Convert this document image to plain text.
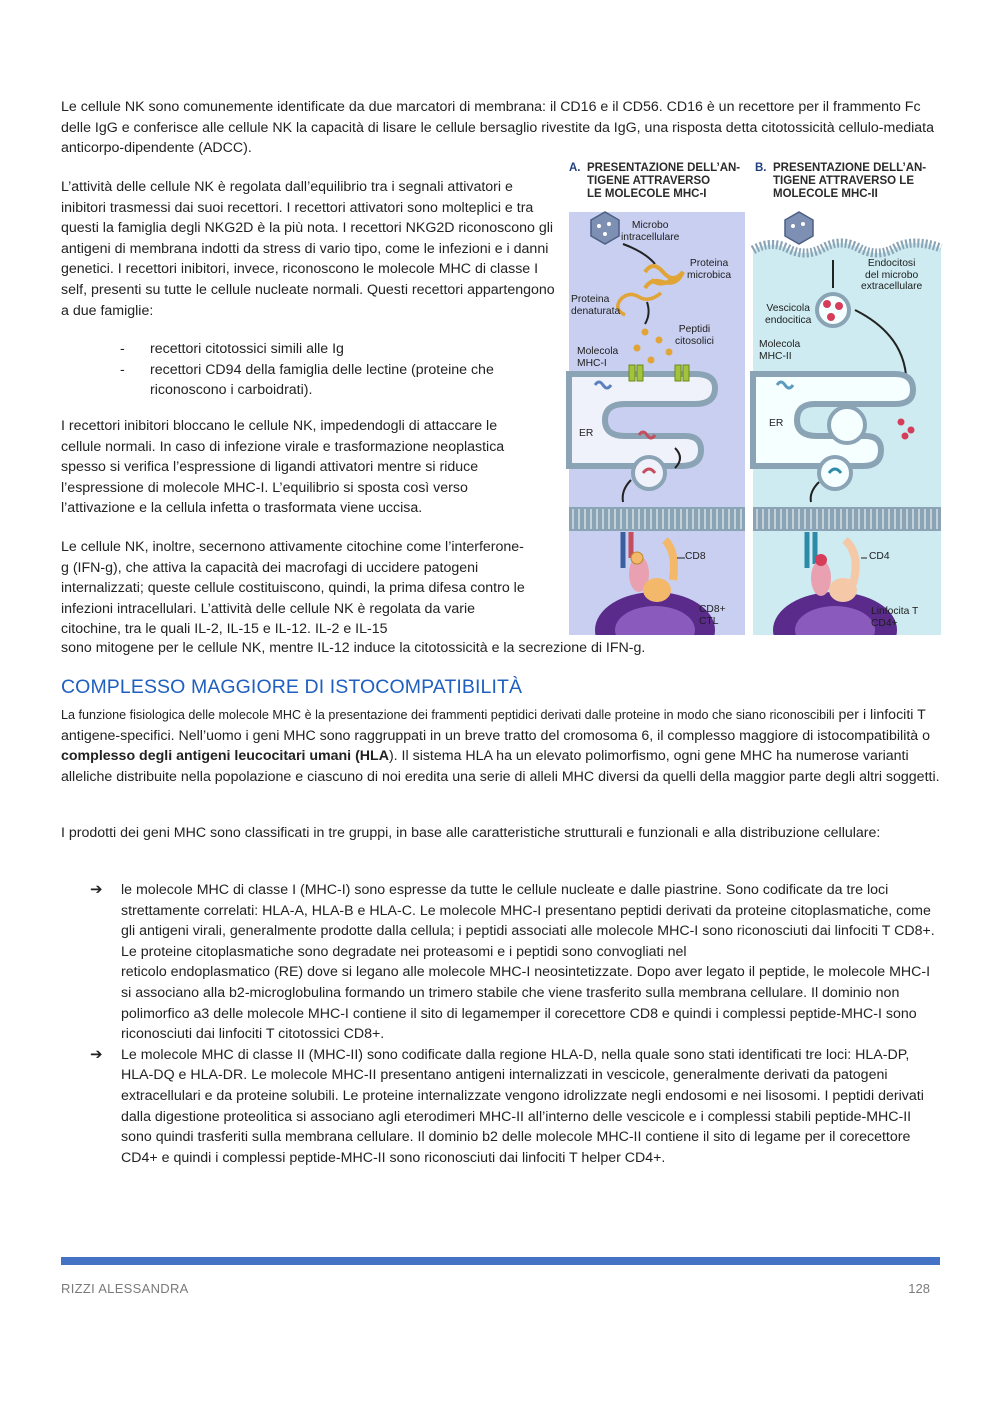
Le cellule NK sono comunemente identificate da due marcatori di membrana: il CD16 e il CD56. CD16 è un recettore per il frammento Fc delle IgG e conferisce alle cellule NK la capacità di lisare le cellule bersaglio rivestite da IgG, una risposta detta citotossicità cellulo-mediata anticorpo-dipendente (ADCC).

L’attività delle cellule NK è regolata dall’equilibrio tra i segnali attivatori e inibitori trasmessi dai suoi recettori. I recettori attivatori sono molteplici e tra questi la famiglia degli NKG2D è la più nota. I recettori NKG2D riconoscono gli antigeni di membrana indotti da stress di vario tipo, come le infezioni e i danni genetici. I recettori inibitori, invece, riconoscono le molecole MHC di classe I self, presenti su tutte le cellule nucleate normali. Questi recettori appartengono a due famiglie:

- recettori citotossici simili alle Ig
- recettori CD94 della famiglia delle lectine (proteine che riconoscono i carboidrati).

I recettori inibitori bloccano le cellule NK, impedendogli di attaccare le cellule normali. In caso di infezione virale e trasformazione neoplastica spesso si verifica l’espressione di ligandi attivatori mentre si riduce l’espressione di molecole MHC-I. L’equilibrio si sposta così verso l’attivazione e la cellula infetta o trasformata viene uccisa.

Le cellule NK, inoltre, secernono attivamente citochine come l’interferone-g (IFN-g), che attiva la capacità dei macrofagi di uccidere patogeni internalizzati; queste cellule costituiscono, quindi, la prima difesa contro le infezioni intracellulari. L’attività delle cellule NK è regolata da varie citochine, tra le quali IL-2, IL-15 e IL-12. IL-2 e IL-15

sono mitogene per le cellule NK, mentre IL-12 induce la citotossicità e la secrezione di IFN-g.

A. PRESENTAZIONE DELL’AN-
TIGENE ATTRAVERSO
LE MOLECOLE MHC-I
B. PRESENTAZIONE DELL’AN-
TIGENE ATTRAVERSO LE
MOLECOLE MHC-II
Microbo
intracellulare
Proteina
microbica
Proteina
denaturata
Peptidi
citosolici
Molecola
MHC-I
ER
CD8
CD8+
CTL
Endocitosi
del microbo
extracellulare
Vescicola
endocitica
Molecola
MHC-II
ER
CD4
Linfocita T
CD4+
COMPLESSO MAGGIORE DI ISTOCOMPATIBILITÀ

La funzione fisiologica delle molecole MHC è la presentazione dei frammenti peptidici derivati dalle proteine in modo che siano riconoscibili per i linfociti T antigene-specifici. Nell’uomo i geni MHC sono raggruppati in un breve tratto del cromosoma 6, il complesso maggiore di istocompatibilità o complesso degli antigeni leucocitari umani (HLA). Il sistema HLA ha un elevato polimorfismo, ogni gene MHC ha numerose varianti alleliche distribuite nella popolazione e ciascuno di noi eredita una serie di alleli MHC diversi da quelli della maggior parte degli altri soggetti.

I prodotti dei geni MHC sono classificati in tre gruppi, in base alle caratteristiche strutturali e funzionali e alla distribuzione cellulare:

➔ le molecole MHC di classe I (MHC-I) sono espresse da tutte le cellule nucleate e dalle piastrine. Sono codificate da tre loci strettamente correlati: HLA-A, HLA-B e HLA-C. Le molecole MHC-I presentano peptidi derivati da proteine citoplasmatiche, come gli antigeni virali, generalmente prodotte dalla cellula; i peptidi associati alle molecole MHC-I sono riconosciuti dai linfociti T CD8+. Le proteine citoplasmatiche sono degradate nei proteasomi e i peptidi sono convogliati nel
reticolo endoplasmatico (RE) dove si legano alle molecole MHC-I neosintetizzate. Dopo aver legato il peptide, le molecole MHC-I si associano alla b2-microglobulina formando un trimero stabile che viene trasferito sulla membrana cellulare. Il dominio non polimorfico a3 delle molecole MHC-I contiene il sito di legamemper il corecettore CD8 e quindi i complessi peptide-MHC-I sono riconosciuti dai linfociti T citotossici CD8+.
➔ Le molecole MHC di classe II (MHC-II) sono codificate dalla regione HLA-D, nella quale sono stati identificati tre loci: HLA-DP, HLA-DQ e HLA-DR. Le molecole MHC-II presentano antigeni internalizzati in vescicole, generalmente derivati da patogeni extracellulari e da proteine solubili. Le proteine internalizzate vengono idrolizzate negli endosomi e nei lisosomi. I peptidi derivati dalla digestione proteolitica si associano agli eterodimeri MHC-II all’interno delle vescicole e i complessi stabili peptide-MHC-II sono quindi trasferiti sulla membrana cellulare. Il dominio b2 delle molecole MHC-II contiene il sito di legame per il corecettore CD4+ e quindi i complessi peptide-MHC-II sono riconosciuti dai linfociti T helper CD4+.
RIZZI ALESSANDRA	128
